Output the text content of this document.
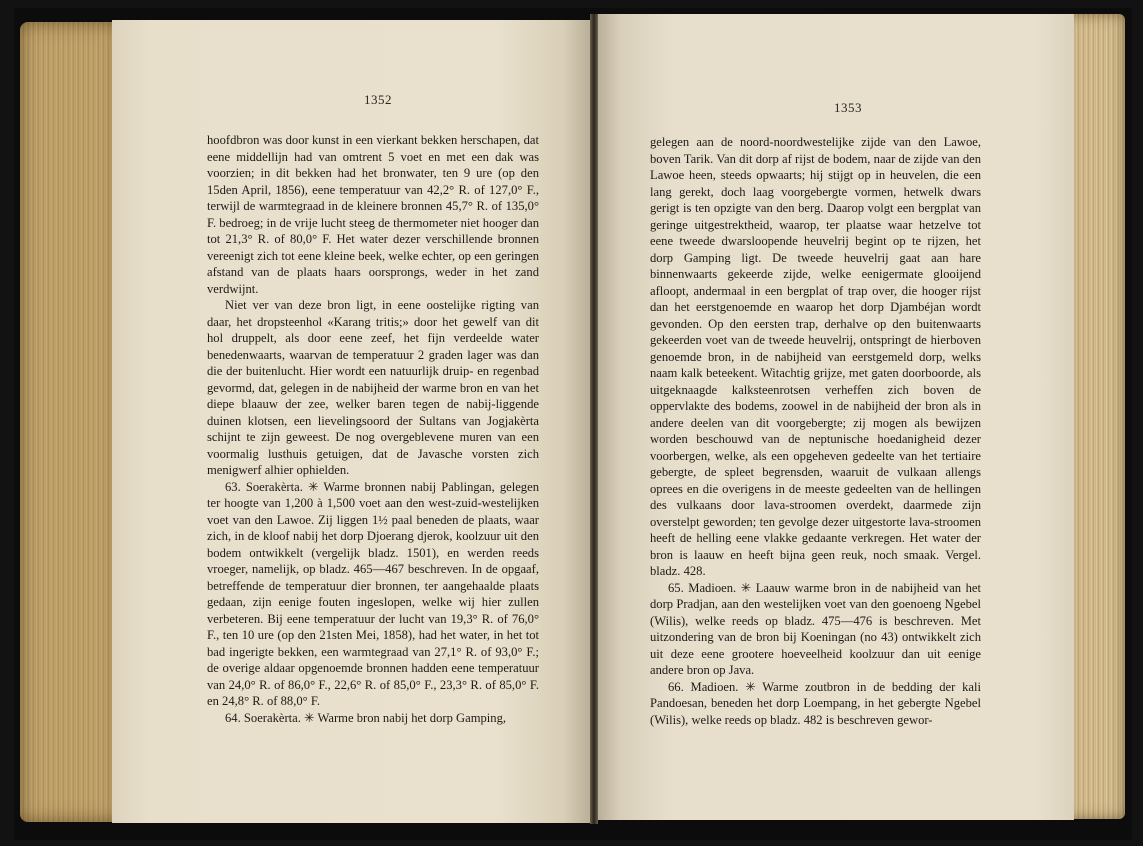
1352
1353

hoofdbron was door kunst in een vierkant bekken herschapen, dat eene middellijn had van omtrent 5 voet en met een dak was voorzien; in dit bekken had het bronwater, ten 9 ure (op den 15den April, 1856), eene temperatuur van 42,2° R. of 127,0° F., terwijl de warmtegraad in de kleinere bronnen 45,7° R. of 135,0° F. bedroeg; in de vrije lucht steeg de thermometer niet hooger dan tot 21,3° R. of 80,0° F. Het water dezer verschillende bronnen vereenigt zich tot eene kleine beek, welke echter, op een geringen afstand van de plaats haars oorsprongs, weder in het zand verdwijnt.

Niet ver van deze bron ligt, in eene oostelijke rigting van daar, het dropsteenhol «Karang tritis;» door het gewelf van dit hol druppelt, als door eene zeef, het fijn verdeelde water benedenwaarts, waarvan de temperatuur 2 graden lager was dan die der buitenlucht. Hier wordt een natuurlijk druip- en regenbad gevormd, dat, gelegen in de nabijheid der warme bron en van het diepe blaauw der zee, welker baren tegen de nabij-liggende duinen klotsen, een lievelingsoord der Sultans van Jogjakèrta schijnt te zijn geweest. De nog overgeblevene muren van een voormalig lusthuis getuigen, dat de Javasche vorsten zich menigwerf alhier ophielden.

63. Soerakèrta. ✳ Warme bronnen nabij Pablingan, gelegen ter hoogte van 1,200 à 1,500 voet aan den west-zuid-westelijken voet van den Lawoe. Zij liggen 1½ paal beneden de plaats, waar zich, in de kloof nabij het dorp Djoerang djerok, koolzuur uit den bodem ontwikkelt (vergelijk bladz. 1501), en werden reeds vroeger, namelijk, op bladz. 465—467 beschreven. In de opgaaf, betreffende de temperatuur dier bronnen, ter aangehaalde plaats gedaan, zijn eenige fouten ingeslopen, welke wij hier zullen verbeteren. Bij eene temperatuur der lucht van 19,3° R. of 76,0° F., ten 10 ure (op den 21sten Mei, 1858), had het water, in het tot bad ingerigte bekken, een warmtegraad van 27,1° R. of 93,0° F.; de overige aldaar opgenoemde bronnen hadden eene temperatuur van 24,0° R. of 86,0° F., 22,6° R. of 85,0° F., 23,3° R. of 85,0° F. en 24,8° R. of 88,0° F.

64. Soerakèrta. ✳ Warme bron nabij het dorp Gamping,

gelegen aan de noord-noordwestelijke zijde van den Lawoe, boven Tarik. Van dit dorp af rijst de bodem, naar de zijde van den Lawoe heen, steeds opwaarts; hij stijgt op in heuvelen, die een lang gerekt, doch laag voorgebergte vormen, hetwelk dwars gerigt is ten opzigte van den berg. Daarop volgt een bergplat van geringe uitgestrektheid, waarop, ter plaatse waar hetzelve tot eene tweede dwarsloopende heuvelrij begint op te rijzen, het dorp Gamping ligt. De tweede heuvelrij gaat aan hare binnenwaarts gekeerde zijde, welke eenigermate glooijend afloopt, andermaal in een bergplat of trap over, die hooger rijst dan het eerstgenoemde en waarop het dorp Djambéjan wordt gevonden. Op den eersten trap, derhalve op den buitenwaarts gekeerden voet van de tweede heuvelrij, ontspringt de hierboven genoemde bron, in de nabijheid van eerstgemeld dorp, welks naam kalk beteekent. Witachtig grijze, met gaten doorboorde, als uitgeknaagde kalksteenrotsen verheffen zich boven de oppervlakte des bodems, zoowel in de nabijheid der bron als in andere deelen van dit voorgebergte; zij mogen als bewijzen worden beschouwd van de neptunische hoedanigheid dezer voorbergen, welke, als een opgeheven gedeelte van het tertiaire gebergte, de spleet begrensden, waaruit de vulkaan allengs oprees en die overigens in de meeste gedeelten van de hellingen des vulkaans door lava-stroomen overdekt, daarmede zijn overstelpt geworden; ten gevolge dezer uitgestorte lava-stroomen heeft de helling eene vlakke gedaante verkregen. Het water der bron is laauw en heeft bijna geen reuk, noch smaak. Vergel. bladz. 428.

65. Madioen. ✳ Laauw warme bron in de nabijheid van het dorp Pradjan, aan den westelijken voet van den goenoeng Ngebel (Wilis), welke reeds op bladz. 475—476 is beschreven. Met uitzondering van de bron bij Koeningan (no 43) ontwikkelt zich uit deze eene grootere hoeveelheid koolzuur dan uit eenige andere bron op Java.

66. Madioen. ✳ Warme zoutbron in de bedding der kali Pandoesan, beneden het dorp Loempang, in het gebergte Ngebel (Wilis), welke reeds op bladz. 482 is beschreven gewor-
